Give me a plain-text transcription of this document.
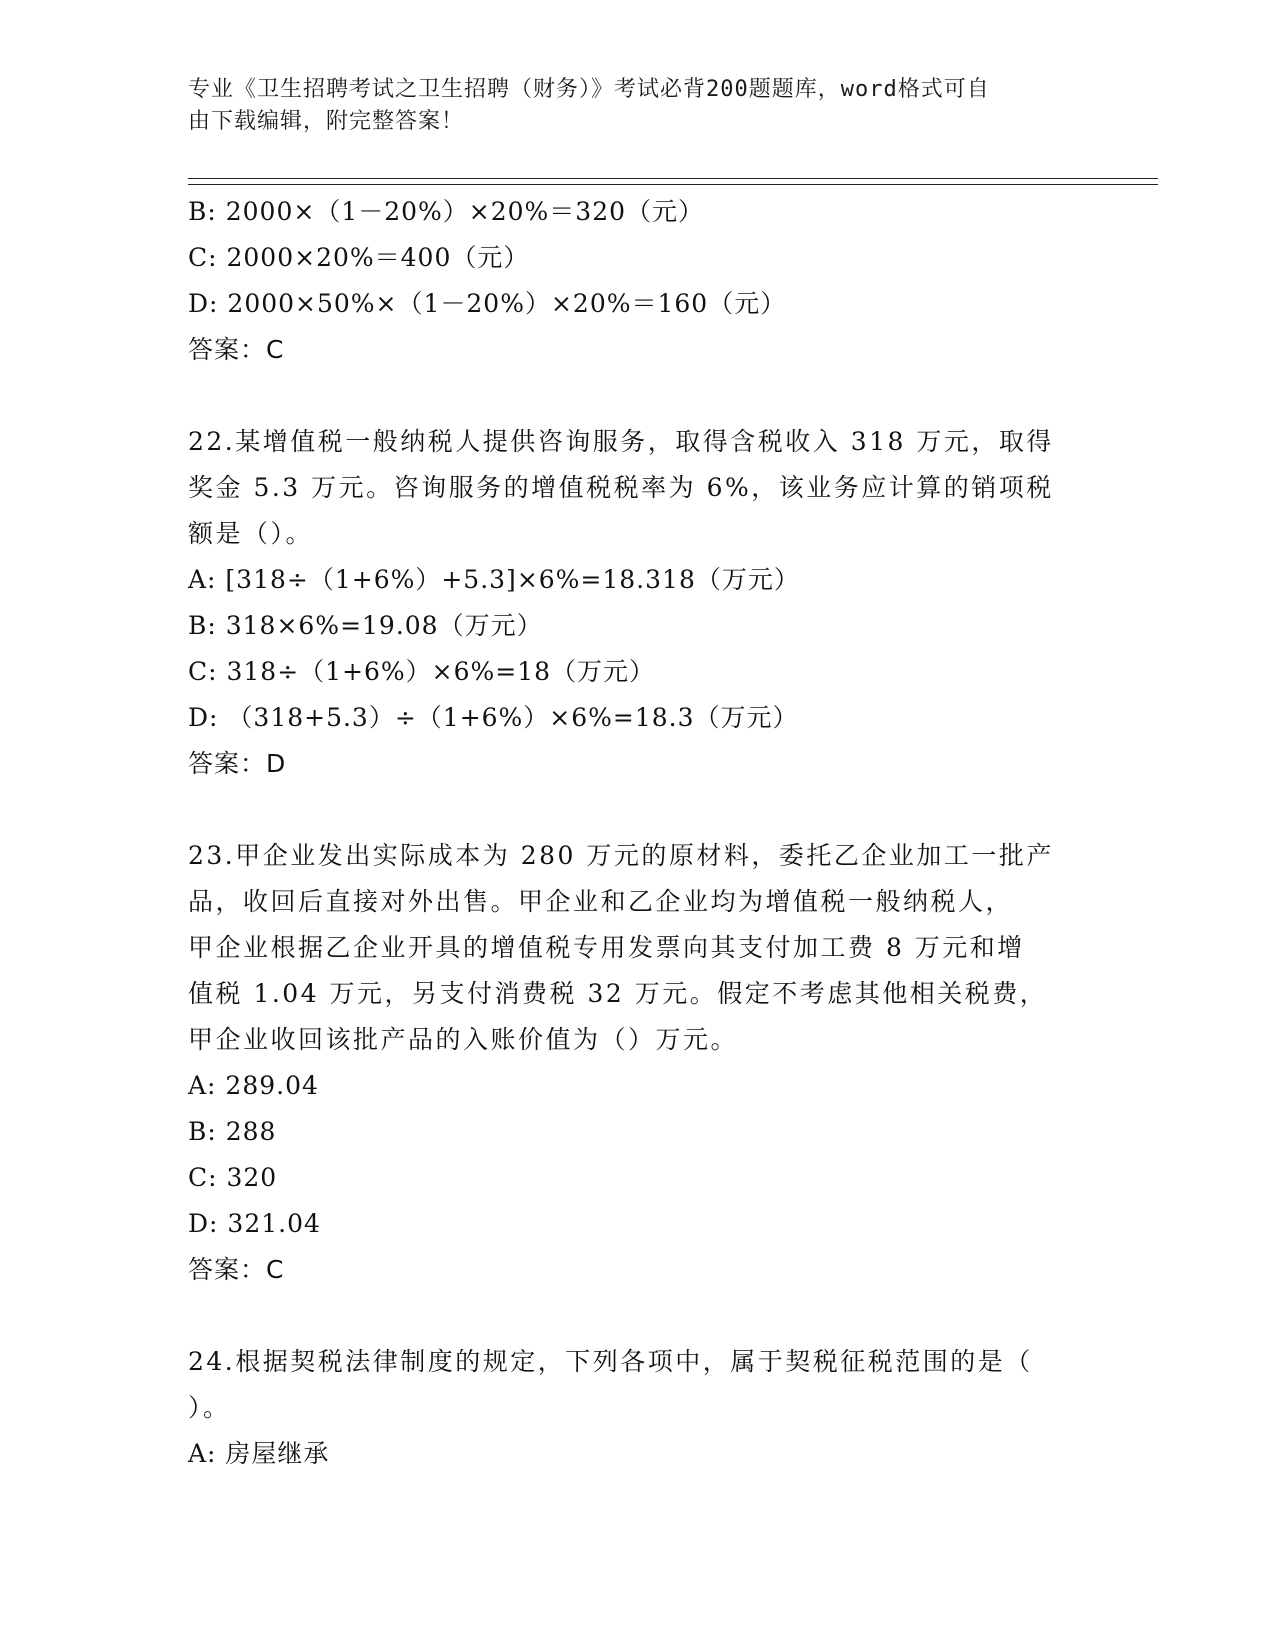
专业《卫生招聘考试之卫生招聘（财务）》考试必背200题题库，word格式可自
由下载编辑，附完整答案！
B: 2000×（1－20%）×20%＝320（元）
C: 2000×20%＝400（元）
D: 2000×50%×（1－20%）×20%＝160（元）
答案：C
22.某增值税一般纳税人提供咨询服务，取得含税收入 318 万元，取得
奖金 5.3 万元。咨询服务的增值税税率为 6%，该业务应计算的销项税
额是（）。
A: [318÷（1+6%）+5.3]×6%=18.318（万元）
B: 318×6%=19.08（万元）
C: 318÷（1+6%）×6%=18（万元）
D: （318+5.3）÷（1+6%）×6%=18.3（万元）
答案：D
23.甲企业发出实际成本为 280 万元的原材料，委托乙企业加工一批产
品，收回后直接对外出售。甲企业和乙企业均为增值税一般纳税人，
甲企业根据乙企业开具的增值税专用发票向其支付加工费 8 万元和增
值税 1.04 万元，另支付消费税 32 万元。假定不考虑其他相关税费，
甲企业收回该批产品的入账价值为（）万元。
A: 289.04
B: 288
C: 320
D: 321.04
答案：C
24.根据契税法律制度的规定，下列各项中，属于契税征税范围的是（
）。
A: 房屋继承
